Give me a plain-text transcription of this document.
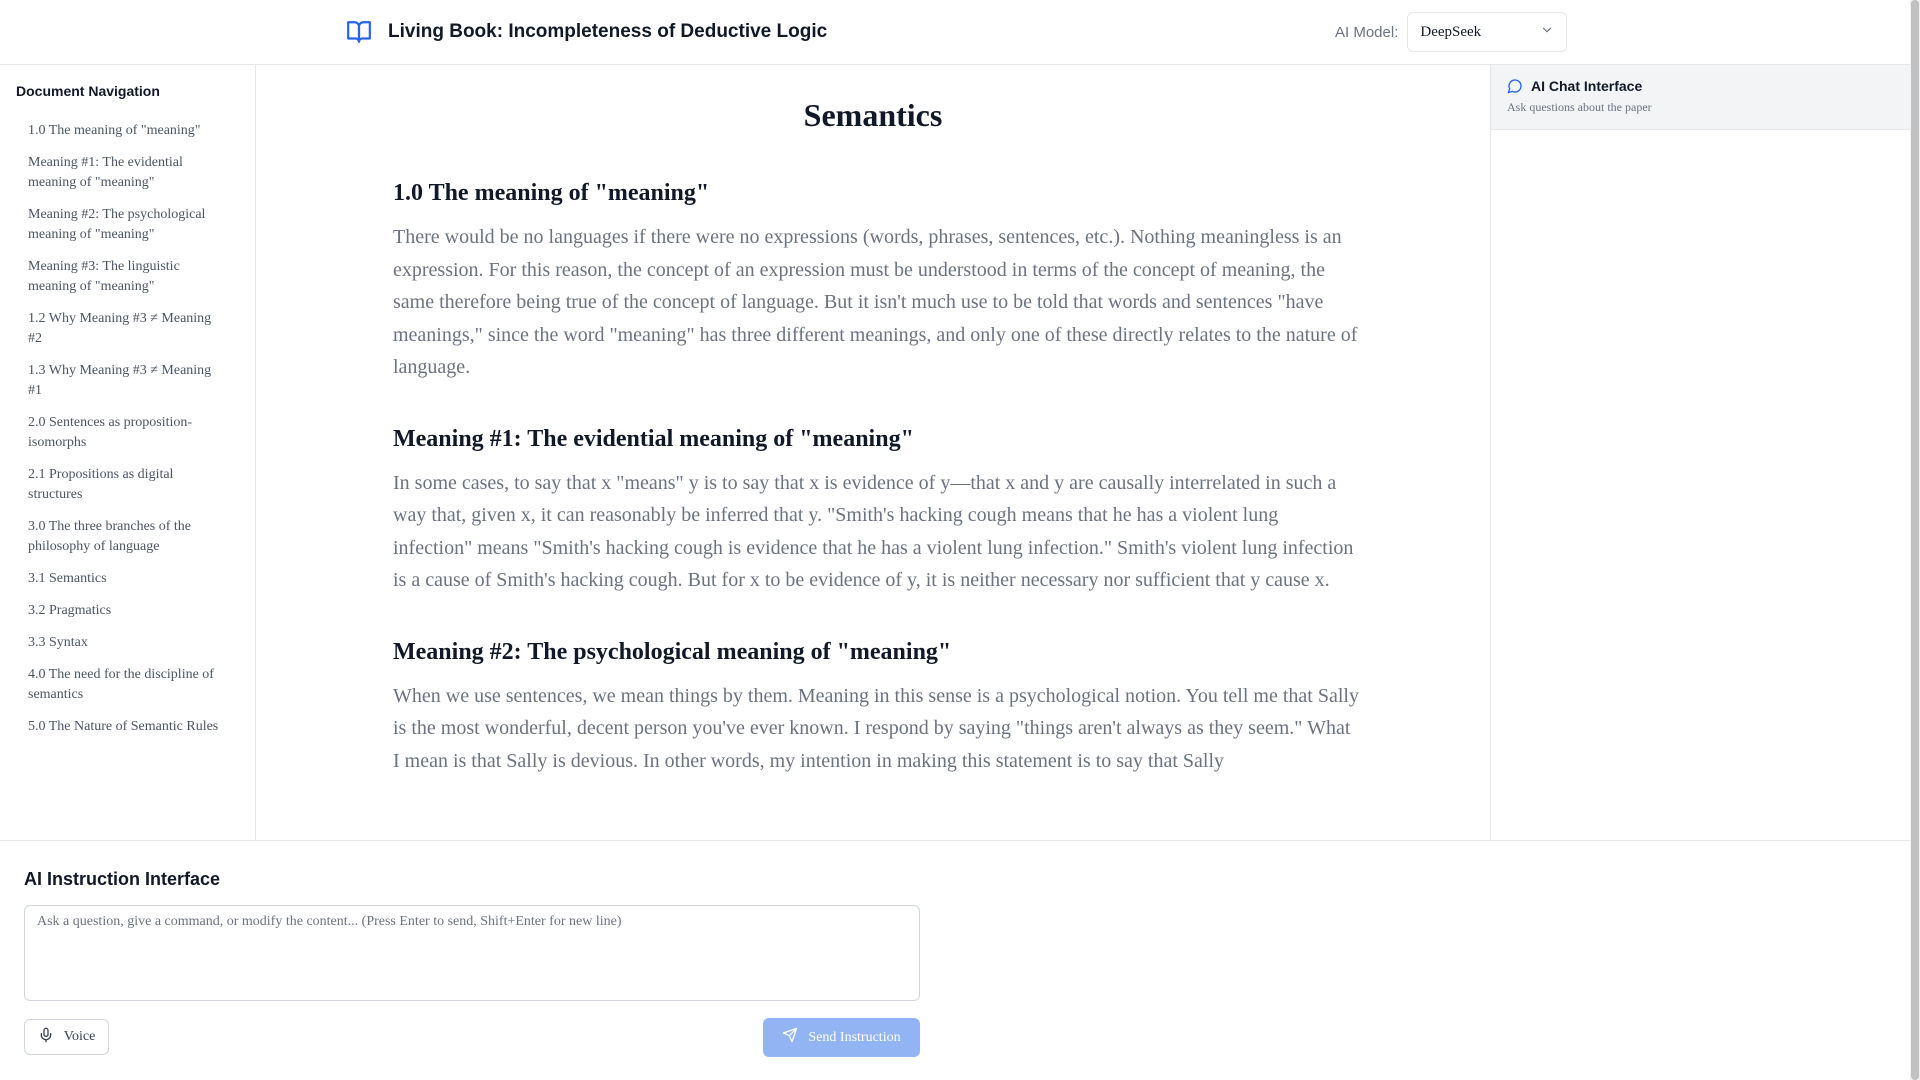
Living Book: Incompleteness of Deductive Logic	AI Model: DeepSeek
Document Navigation
1.0 The meaning of "meaning"
Meaning #1: The evidential meaning of "meaning"
Meaning #2: The psychological meaning of "meaning"
Meaning #3: The linguistic meaning of "meaning"
1.2 Why Meaning #3 ≠ Meaning #2
1.3 Why Meaning #3 ≠ Meaning #1
2.0 Sentences as proposition-isomorphs
2.1 Propositions as digital structures
3.0 The three branches of the philosophy of language
3.1 Semantics
3.2 Pragmatics
3.3 Syntax
4.0 The need for the discipline of semantics
5.0 The Nature of Semantic Rules
Semantics
1.0 The meaning of "meaning"

There would be no languages if there were no expressions (words, phrases, sentences, etc.). Nothing meaningless is an expression. For this reason, the concept of an expression must be understood in terms of the concept of meaning, the same therefore being true of the concept of language. But it isn't much use to be told that words and sentences "have meanings," since the word "meaning" has three different meanings, and only one of these directly relates to the nature of language.

Meaning #1: The evidential meaning of "meaning"

In some cases, to say that x "means" y is to say that x is evidence of y—that x and y are causally interrelated in such a way that, given x, it can reasonably be inferred that y. "Smith's hacking cough means that he has a violent lung infection" means "Smith's hacking cough is evidence that he has a violent lung infection." Smith's violent lung infection is a cause of Smith's hacking cough. But for x to be evidence of y, it is neither necessary nor sufficient that y cause x.

Meaning #2: The psychological meaning of "meaning"

When we use sentences, we mean things by them. Meaning in this sense is a psychological notion. You tell me that Sally is the most wonderful, decent person you've ever known. I respond by saying "things aren't always as they seem." What I mean is that Sally is devious. In other words, my intention in making this statement is to say that Sally

AI Chat Interface
Ask questions about the paper
AI Instruction Interface
Ask a question, give a command, or modify the content... (Press Enter to send, Shift+Enter for new line)
Voice	Send Instruction
